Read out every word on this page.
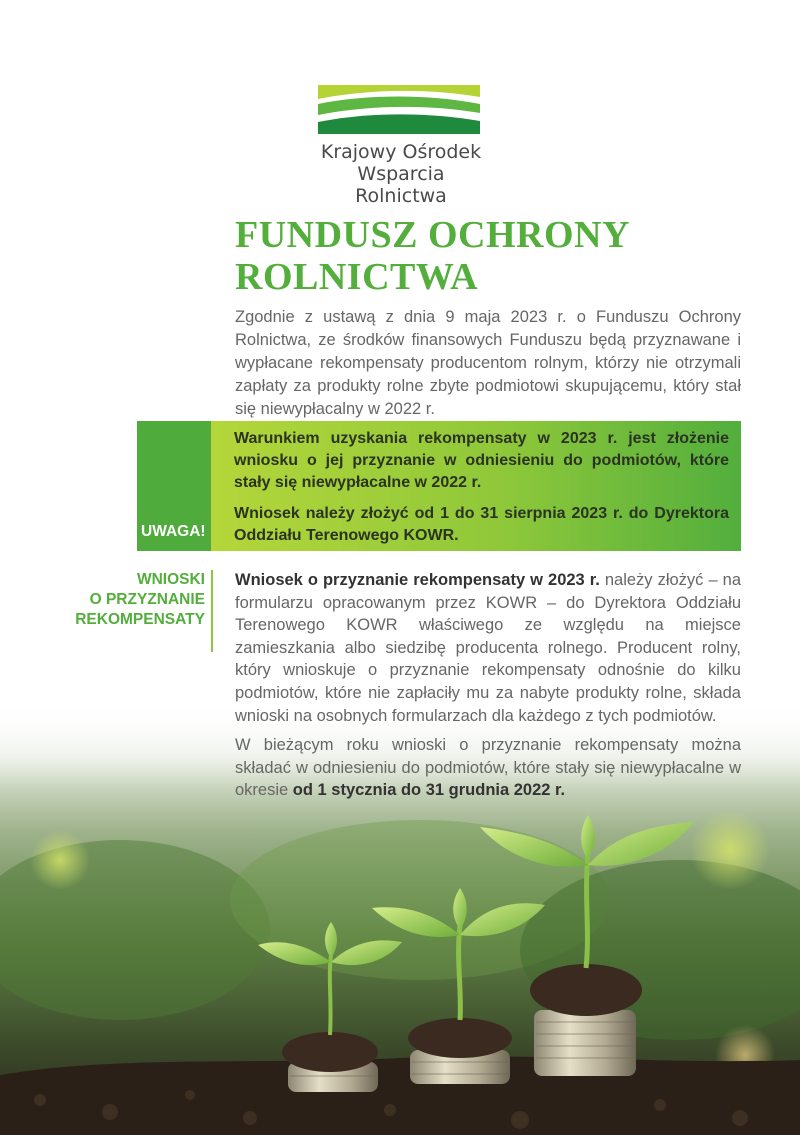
Krajowy Ośrodek
Wsparcia Rolnictwa
FUNDUSZ OCHRONY
ROLNICTWA

Zgodnie z ustawą z dnia 9 maja 2023 r. o Funduszu Ochrony Rolnictwa, ze środków finansowych Funduszu będą przyznawane i wypłacane rekompensaty producentom rolnym, którzy nie otrzymali zapłaty za produkty rolne zbyte podmiotowi skupującemu, który stał się niewypłacalny w 2022 r.

UWAGA!

Warunkiem uzyskania rekompensaty w 2023 r. jest złożenie wniosku o jej przyznanie w odniesieniu do podmiotów, które stały się niewypłacalne w 2022 r.

Wniosek należy złożyć od 1 do 31 sierpnia 2023 r. do Dyrektora Oddziału Terenowego KOWR.

WNIOSKI
O PRZYZNANIE
REKOMPENSATY

Wniosek o przyznanie rekompensaty w 2023 r. należy złożyć – na formularzu opracowanym przez KOWR – do Dyrektora Oddziału Terenowego KOWR właściwego ze względu na miejsce zamieszkania albo siedzibę producenta rolnego. Producent rolny, który wnioskuje o przyznanie rekompensaty odnośnie do kilku podmiotów, które nie zapłaciły mu za nabyte produkty rolne, składa wnioski na osobnych formularzach dla każdego z tych podmiotów.

W bieżącym roku wnioski o przyznanie rekompensaty można składać w odniesieniu do podmiotów, które stały się niewypłacalne w okresie od 1 stycznia do 31 grudnia 2022 r.
